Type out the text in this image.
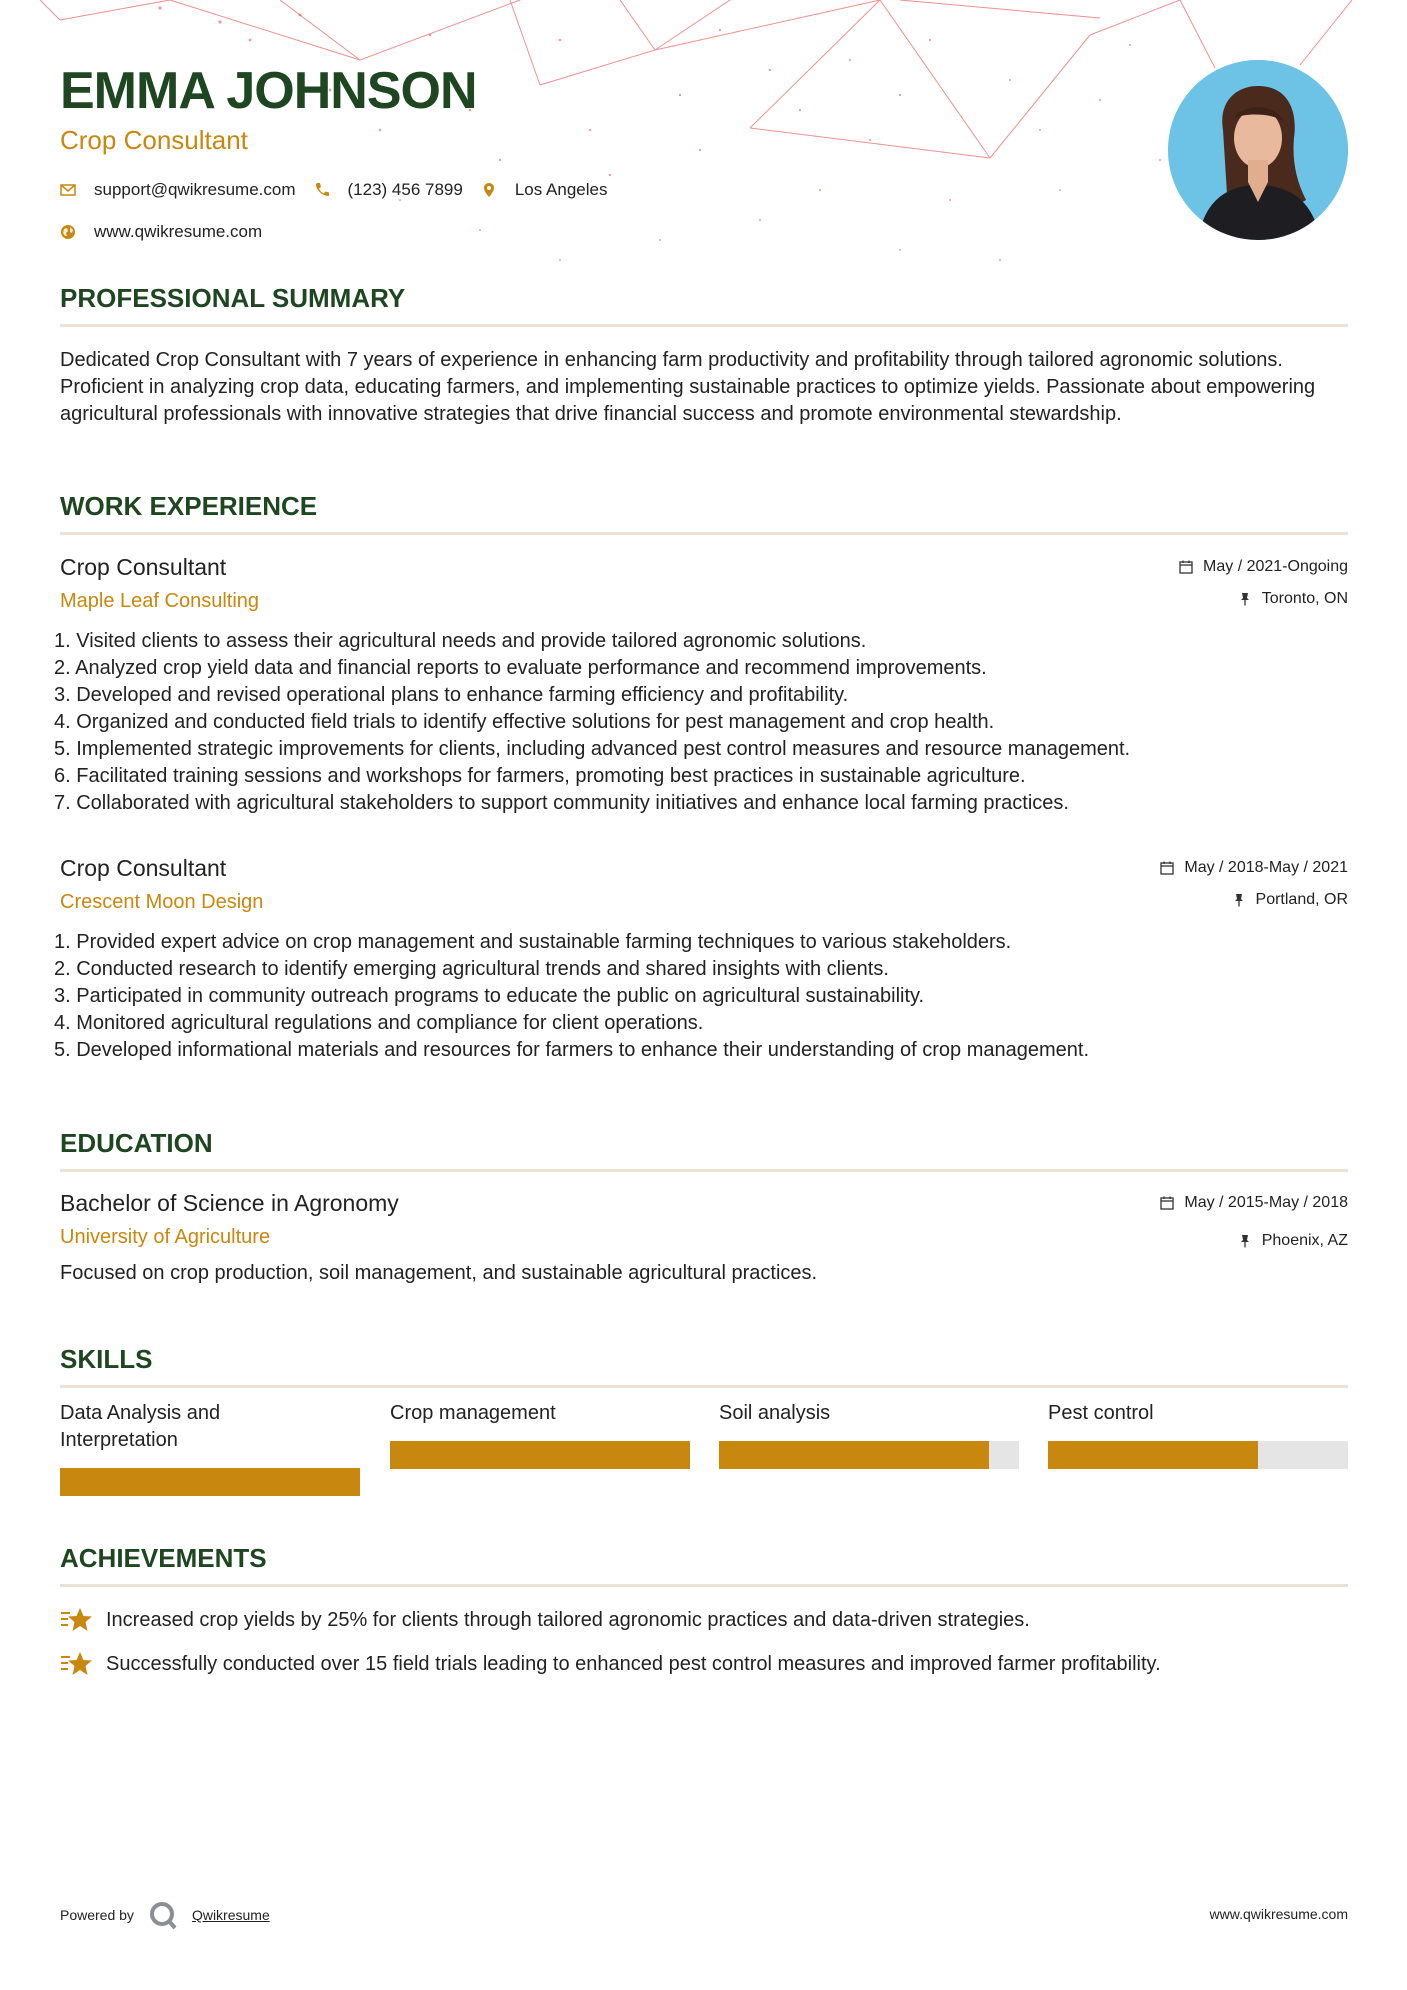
EMMA JOHNSON
Crop Consultant
support@qwikresume.com	(123) 456 7899	Los Angeles
www.qwikresume.com
PROFESSIONAL SUMMARY

Dedicated Crop Consultant with 7 years of experience in enhancing farm productivity and profitability through tailored agronomic solutions. Proficient in analyzing crop data, educating farmers, and implementing sustainable practices to optimize yields. Passionate about empowering agricultural professionals with innovative strategies that drive financial success and promote environmental stewardship.

WORK EXPERIENCE
Crop Consultant
Maple Leaf Consulting
May / 2021-Ongoing
Toronto, ON
1. Visited clients to assess their agricultural needs and provide tailored agronomic solutions.
2. Analyzed crop yield data and financial reports to evaluate performance and recommend improvements.
3. Developed and revised operational plans to enhance farming efficiency and profitability.
4. Organized and conducted field trials to identify effective solutions for pest management and crop health.
5. Implemented strategic improvements for clients, including advanced pest control measures and resource management.
6. Facilitated training sessions and workshops for farmers, promoting best practices in sustainable agriculture.
7. Collaborated with agricultural stakeholders to support community initiatives and enhance local farming practices.
Crop Consultant
Crescent Moon Design
May / 2018-May / 2021
Portland, OR
1. Provided expert advice on crop management and sustainable farming techniques to various stakeholders.
2. Conducted research to identify emerging agricultural trends and shared insights with clients.
3. Participated in community outreach programs to educate the public on agricultural sustainability.
4. Monitored agricultural regulations and compliance for client operations.
5. Developed informational materials and resources for farmers to enhance their understanding of crop management.
EDUCATION
Bachelor of Science in Agronomy
University of Agriculture
May / 2015-May / 2018
Phoenix, AZ

Focused on crop production, soil management, and sustainable agricultural practices.

SKILLS
Data Analysis and Interpretation
Crop management	Soil analysis	Pest control
ACHIEVEMENTS
Increased crop yields by 25% for clients through tailored agronomic practices and data-driven strategies.
Successfully conducted over 15 field trials leading to enhanced pest control measures and improved farmer profitability.
Powered by	Qwikresume	www.qwikresume.com
